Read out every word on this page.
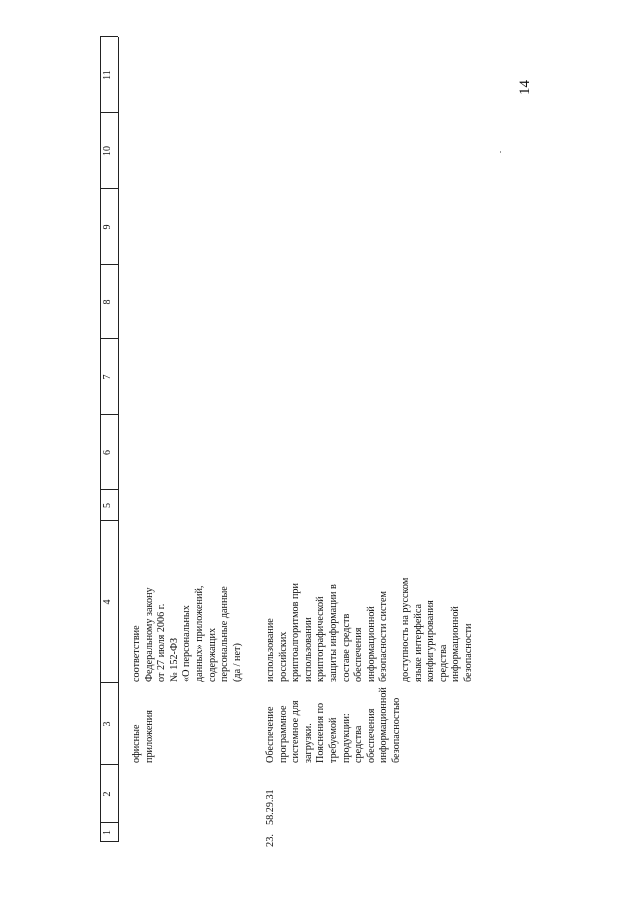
14
1
2
3
4
5
6
7
8
9
10
11
офисные
приложения
соответствие
Федеральному закону
от 27 июля 2006 г.
№ 152-ФЗ
«О персональных
данных» приложений,
содержащих
персональные данные
(да / нет)
23.
58.29.31
Обеспечение
программное
системное для
загрузки.
Пояснения по
требуемой
продукции:
средства
обеспечения
информационной
безопасностью
использование
российских
криптоалгоритмов при
использовании
криптографической
защиты информации в
составе средств
обеспечения
информационной
безопасности систем
доступность на русском
языке интерфейса
конфигурирования
средства
информационной
безопасности
